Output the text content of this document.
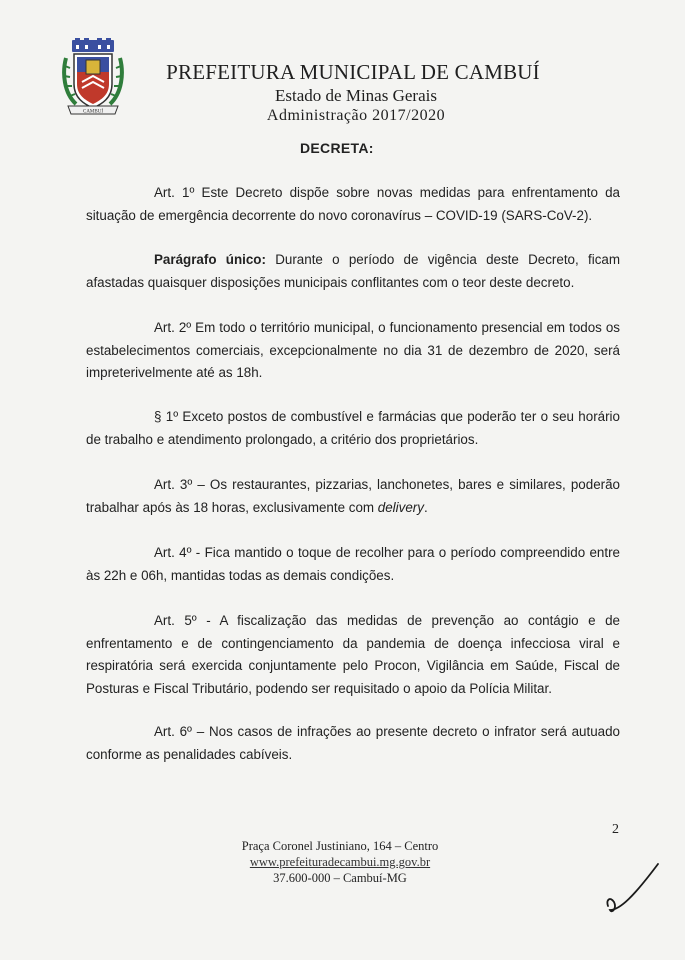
CAMBUÍ
PREFEITURA MUNICIPAL DE CAMBUÍ
Estado de Minas Gerais
Administração 2017/2020
DECRETA:
Art. 1º Este Decreto dispõe sobre novas medidas para enfrentamento da situação de emergência decorrente do novo coronavírus – COVID-19 (SARS-CoV-2).
Parágrafo único: Durante o período de vigência deste Decreto, ficam afastadas quaisquer disposições municipais conflitantes com o teor deste decreto.
Art. 2º Em todo o território municipal, o funcionamento presencial em todos os estabelecimentos comerciais, excepcionalmente no dia 31 de dezembro de 2020, será impreterivelmente até as 18h.
§ 1º Exceto postos de combustível e farmácias que poderão ter o seu horário de trabalho e atendimento prolongado, a critério dos proprietários.
Art. 3º – Os restaurantes, pizzarias, lanchonetes, bares e similares, poderão trabalhar após às 18 horas, exclusivamente com delivery.
Art. 4º - Fica mantido o toque de recolher para o período compreendido entre às 22h e 06h, mantidas todas as demais condições.
Art. 5º - A fiscalização das medidas de prevenção ao contágio e de enfrentamento e de contingenciamento da pandemia de doença infecciosa viral e respiratória será exercida conjuntamente pelo Procon, Vigilância em Saúde, Fiscal de Posturas e Fiscal Tributário, podendo ser requisitado o apoio da Polícia Militar.
Art. 6º – Nos casos de infrações ao presente decreto o infrator será autuado conforme as penalidades cabíveis.
2
Praça Coronel Justiniano, 164 – Centro
www.prefeituradecambui.mg.gov.br
37.600-000 – Cambuí-MG
